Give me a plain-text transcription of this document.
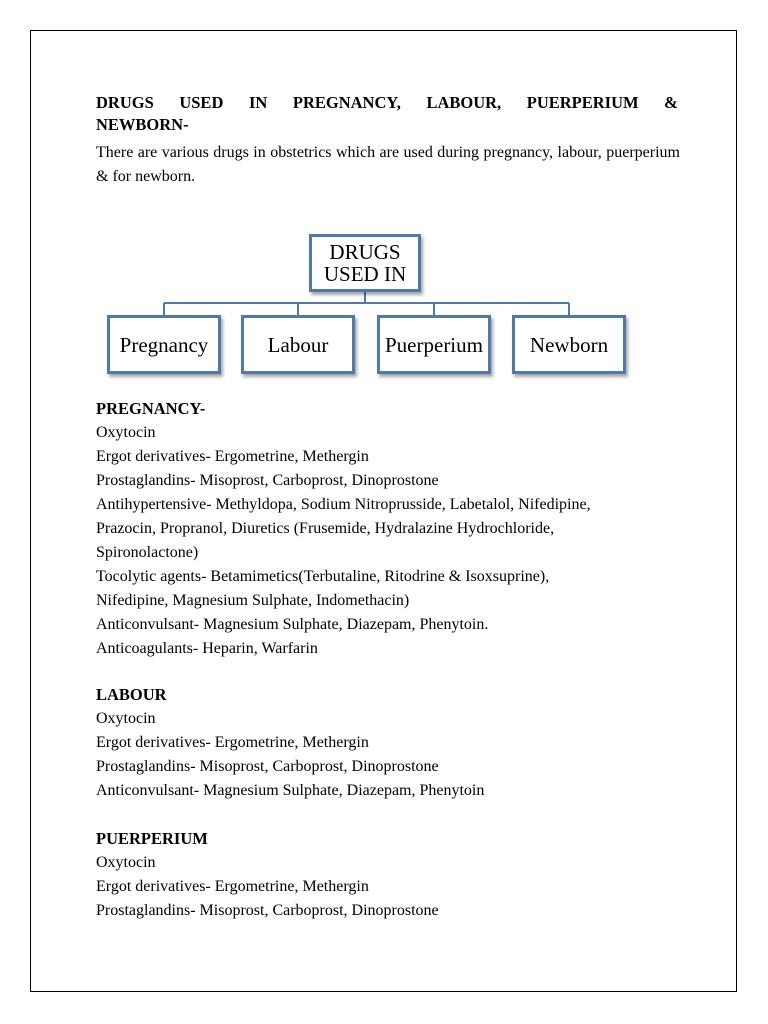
DRUGS USED IN PREGNANCY, LABOUR, PUERPERIUM &
NEWBORN-

There are various drugs in obstetrics which are used during pregnancy, labour, puerperium & for newborn.

DRUGS
USED IN
Pregnancy	Labour	Puerperium Newborn
PREGNANCY-
Oxytocin
Ergot derivatives- Ergometrine, Methergin
Prostaglandins- Misoprost, Carboprost, Dinoprostone
Antihypertensive- Methyldopa, Sodium Nitroprusside, Labetalol, Nifedipine,
Prazocin, Propranol, Diuretics (Frusemide, Hydralazine Hydrochloride,
Spironolactone)
Tocolytic agents- Betamimetics(Terbutaline, Ritodrine & Isoxsuprine),
Nifedipine, Magnesium Sulphate, Indomethacin)
Anticonvulsant- Magnesium Sulphate, Diazepam, Phenytoin.
Anticoagulants- Heparin, Warfarin
LABOUR
Oxytocin
Ergot derivatives- Ergometrine, Methergin
Prostaglandins- Misoprost, Carboprost, Dinoprostone
Anticonvulsant- Magnesium Sulphate, Diazepam, Phenytoin
PUERPERIUM
Oxytocin
Ergot derivatives- Ergometrine, Methergin
Prostaglandins- Misoprost, Carboprost, Dinoprostone
